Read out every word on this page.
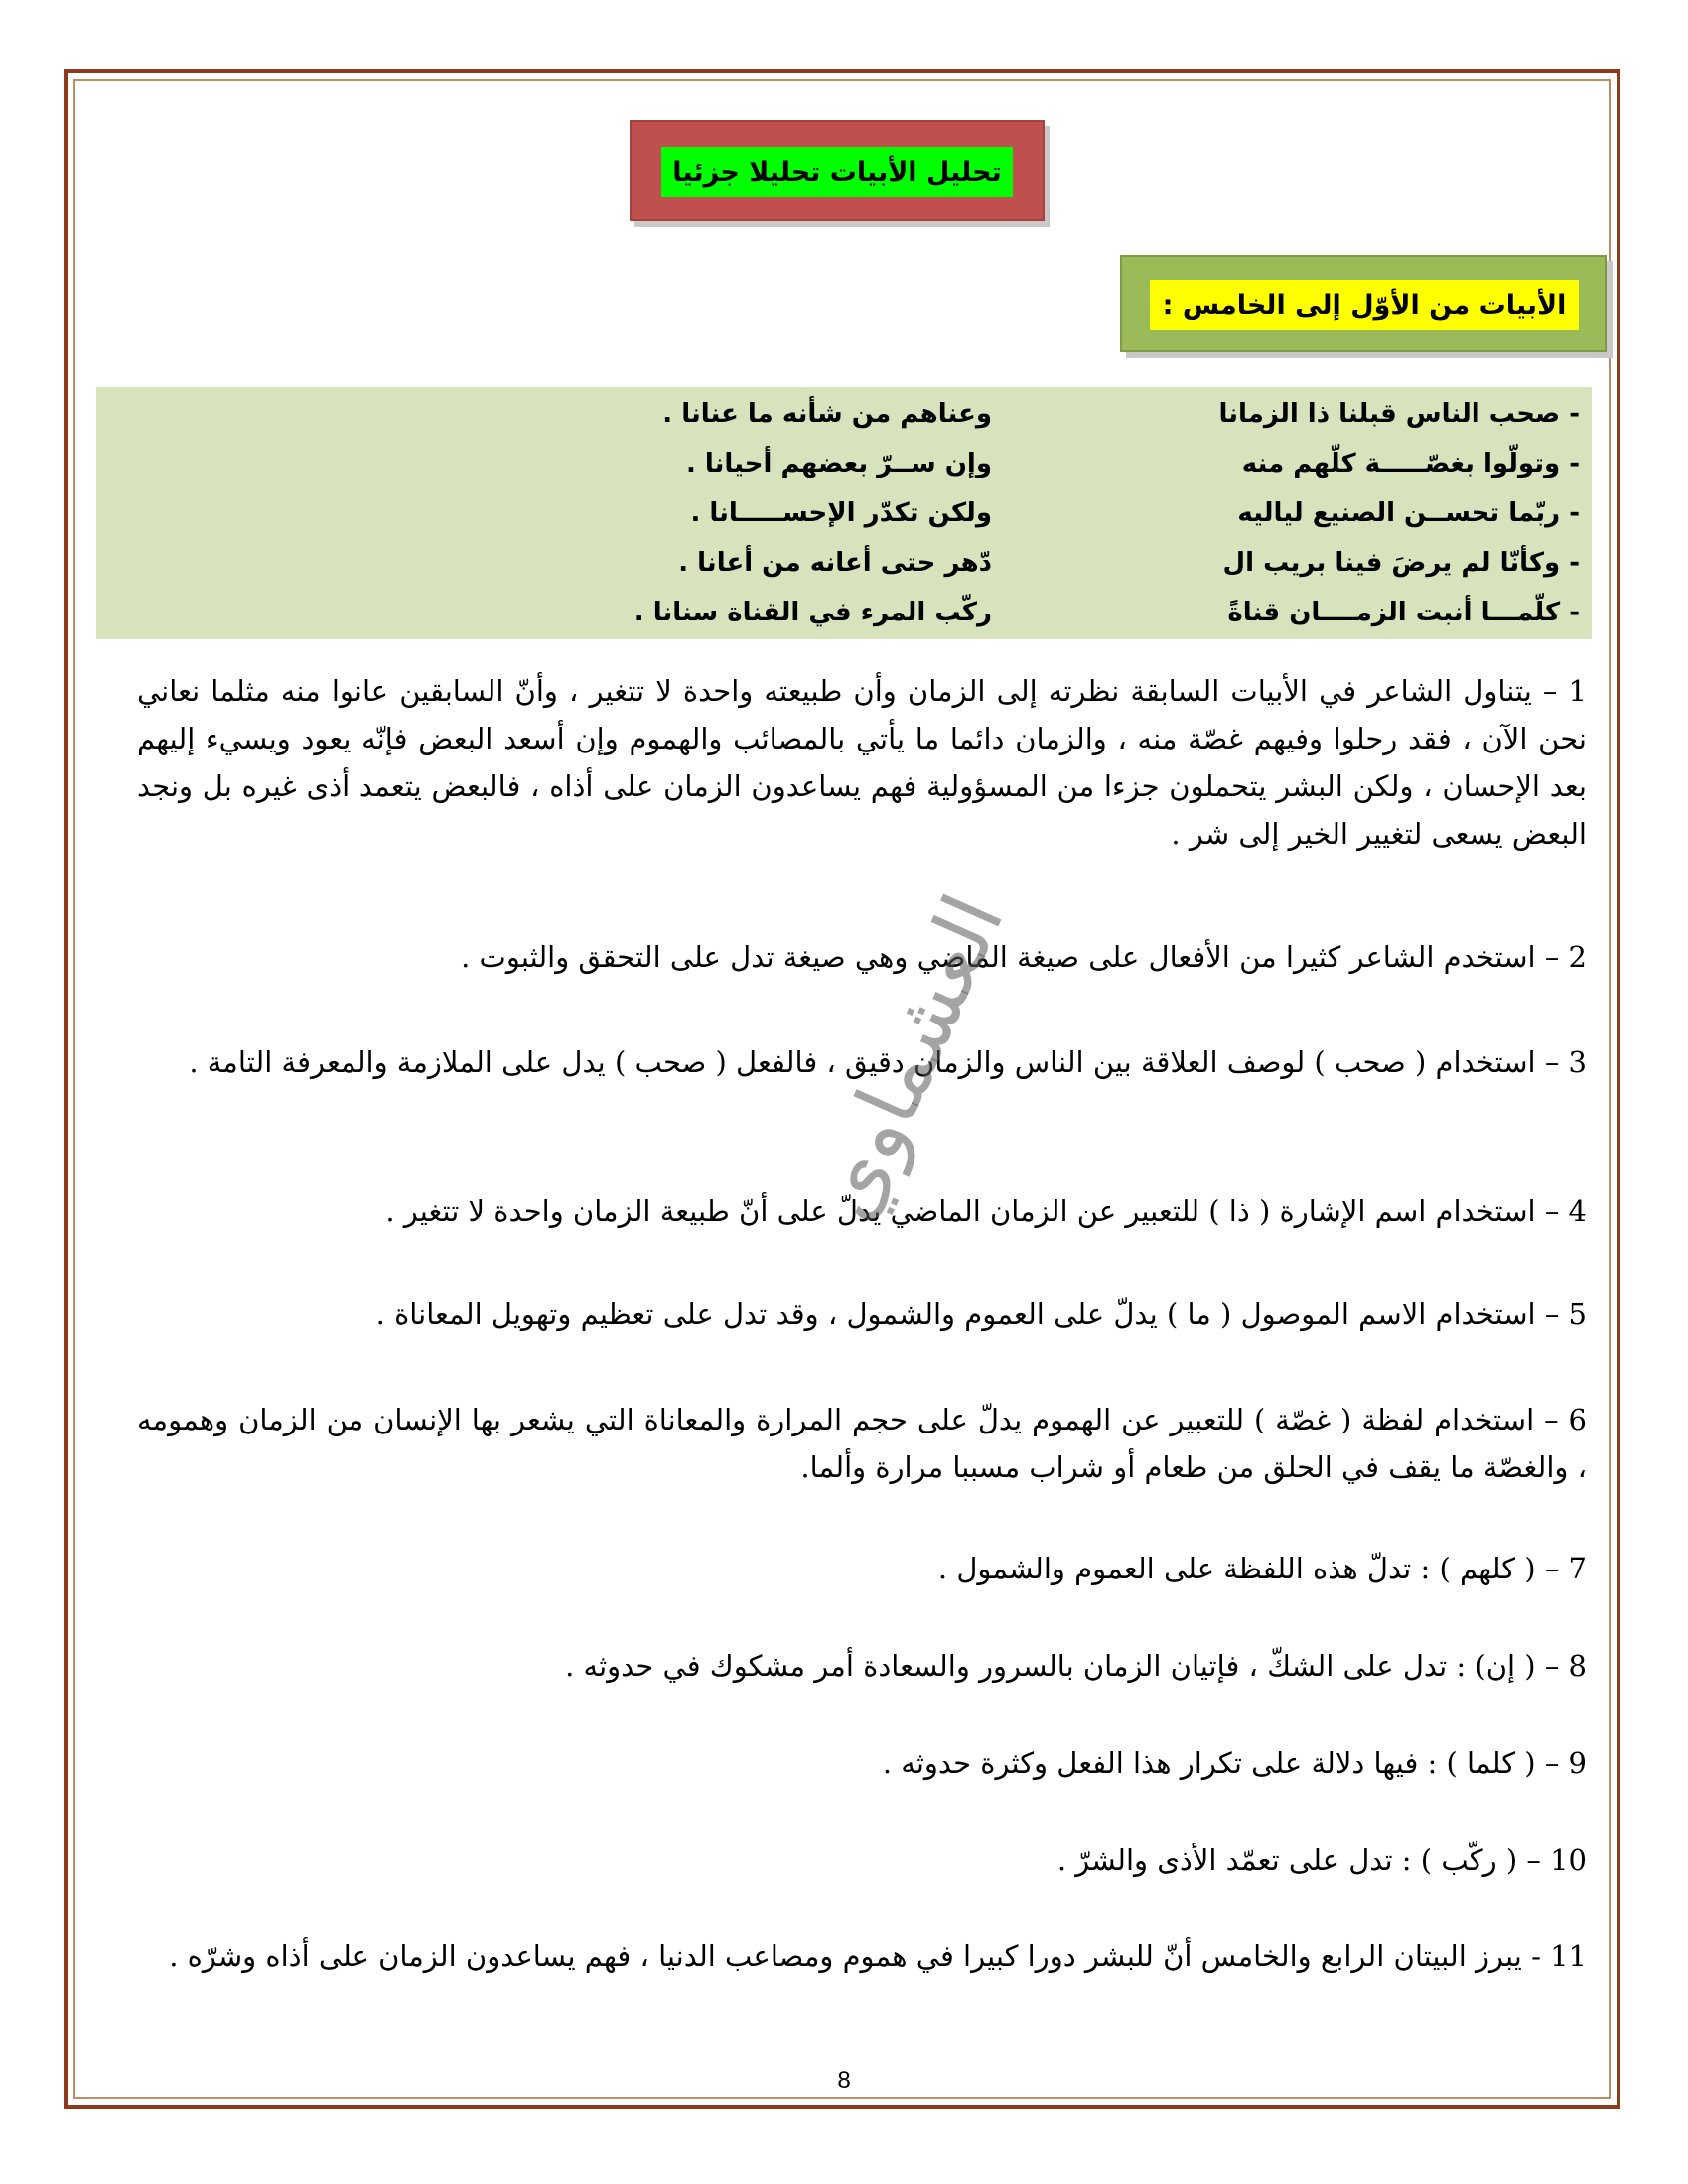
تحليل الأبيات تحليلا جزئيا
الأبيات من الأوّل إلى الخامس :
- صحب الناس قبلنا ذا الزمانا
وعناهم من شأنه ما عنانا .
- وتولّوا بغصّـــــة كلّهم منه
وإن ســرّ بعضهم أحيانا .
- ربّما تحســن الصنيع لياليه
ولكن تكدّر الإحســـــانا .
- وكأنّا لم يرضَ فينا بريب ال
دّهر حتى أعانه من أعانا .
- كلّمـــا أنبت الزمــــان قناةً
ركّب المرء في القناة سنانا .

1 – يتناول الشاعر في الأبيات السابقة نظرته إلى الزمان وأن طبيعته واحدة لا تتغير ، وأنّ السابقين عانوا منه مثلما نعاني نحن الآن ، فقد رحلوا وفيهم غصّة منه ، والزمان دائما ما يأتي بالمصائب والهموم وإن أسعد البعض فإنّه يعود ويسيء إليهم بعد الإحسان ، ولكن البشر يتحملون جزءا من المسؤولية فهم يساعدون الزمان على أذاه ، فالبعض يتعمد أذى غيره بل ونجد البعض يسعى لتغيير الخير إلى شر .

2 – استخدم الشاعر كثيرا من الأفعال على صيغة الماضي وهي صيغة تدل على التحقق والثبوت .

3 – استخدام ( صحب ) لوصف العلاقة بين الناس والزمان دقيق ، فالفعل ( صحب ) يدل على الملازمة والمعرفة التامة .

4 – استخدام اسم الإشارة ( ذا ) للتعبير عن الزمان الماضي يدلّ على أنّ طبيعة الزمان واحدة لا تتغير .

5 – استخدام الاسم الموصول ( ما ) يدلّ على العموم والشمول ، وقد تدل على تعظيم وتهويل المعاناة .

6 – استخدام لفظة ( غصّة ) للتعبير عن الهموم يدلّ على حجم المرارة والمعاناة التي يشعر بها الإنسان من الزمان وهمومه ، والغصّة ما يقف في الحلق من طعام أو شراب مسببا مرارة وألما.

7 – ( كلهم ) : تدلّ هذه اللفظة على العموم والشمول .

8 – ( إن) : تدل على الشكّ ، فإتيان الزمان بالسرور والسعادة أمر مشكوك في حدوثه .

9 – ( كلما ) : فيها دلالة على تكرار هذا الفعل وكثرة حدوثه .

10 – ( ركّب ) : تدل على تعمّد الأذى والشرّ .

11 - يبرز البيتان الرابع والخامس أنّ للبشر دورا كبيرا في هموم ومصاعب الدنيا ، فهم يساعدون الزمان على أذاه وشرّه .

العشماوي
8
